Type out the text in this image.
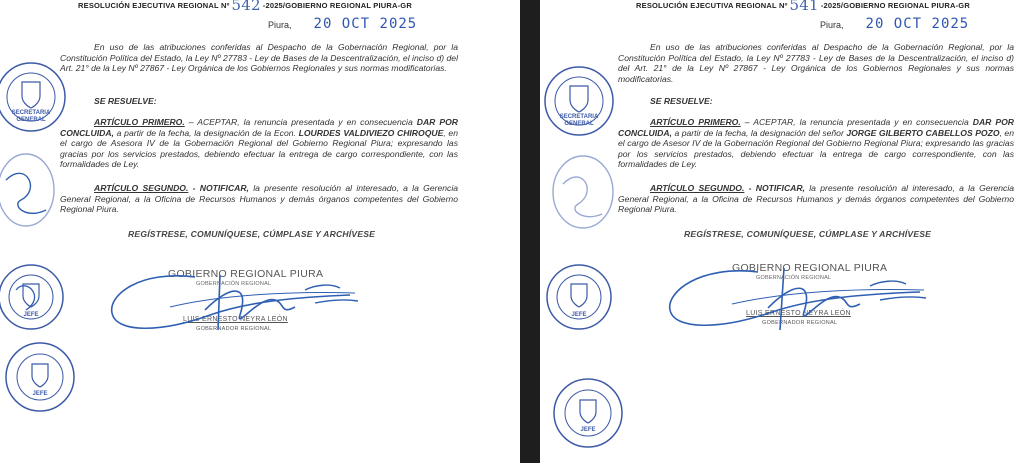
RESOLUCIÓN EJECUTIVA REGIONAL Nº 542 -2025/GOBIERNO REGIONAL PIURA-GR
Piura, 20 OCT 2025
En uso de las atribuciones conferidas al Despacho de la Gobernación Regional, por la Constitución Política del Estado, la Ley Nº 27783 - Ley de Bases de la Descentralización, el inciso d) del Art. 21° de la Ley Nº 27867 - Ley Orgánica de los Gobiernos Regionales y sus normas modificatorias.
SE RESUELVE:
ARTÍCULO PRIMERO. – ACEPTAR, la renuncia presentada y en consecuencia DAR POR CONCLUIDA, a partir de la fecha, la designación de la Econ. LOURDES VALDIVIEZO CHIROQUE, en el cargo de Asesora IV de la Gobernación Regional del Gobierno Regional Piura; expresando las gracias por los servicios prestados, debiendo efectuar la entrega de cargo correspondiente, con las formalidades de Ley.
ARTÍCULO SEGUNDO. - NOTIFICAR, la presente resolución al interesado, a la Gerencia General Regional, a la Oficina de Recursos Humanos y demás órganos competentes del Gobierno Regional Piura.
REGÍSTRESE, COMUNÍQUESE, CÚMPLASE Y ARCHÍVESE
GOBIERNO REGIONAL PIURA
GOBERNACIÓN REGIONAL
LUIS ERNESTO NEYRA LEÓN
GOBERNADOR REGIONAL
SECRETARIA
GENERAL
JEFE
JEFE
RESOLUCIÓN EJECUTIVA REGIONAL Nº 541 -2025/GOBIERNO REGIONAL PIURA-GR
Piura, 20 OCT 2025
En uso de las atribuciones conferidas al Despacho de la Gobernación Regional, por la Constitución Política del Estado, la Ley Nº 27783 - Ley de Bases de la Descentralización, el inciso d) del Art. 21° de la Ley Nº 27867 - Ley Orgánica de los Gobiernos Regionales y sus normas modificatorias.
SE RESUELVE:
ARTÍCULO PRIMERO. – ACEPTAR, la renuncia presentada y en consecuencia DAR POR CONCLUIDA, a partir de la fecha, la designación del señor JORGE GILBERTO CABELLOS POZO, en el cargo de Asesor IV de la Gobernación Regional del Gobierno Regional Piura; expresando las gracias por los servicios prestados, debiendo efectuar la entrega de cargo correspondiente, con las formalidades de Ley.
ARTÍCULO SEGUNDO. - NOTIFICAR, la presente resolución al interesado, a la Gerencia General Regional, a la Oficina de Recursos Humanos y demás órganos competentes del Gobierno Regional Piura.
REGÍSTRESE, COMUNÍQUESE, CÚMPLASE Y ARCHÍVESE
GOBIERNO REGIONAL PIURA
GOBERNACIÓN REGIONAL
LUIS ERNESTO NEYRA LEÓN
GOBERNADOR REGIONAL
SECRETARIA
GENERAL
JEFE
JEFE
